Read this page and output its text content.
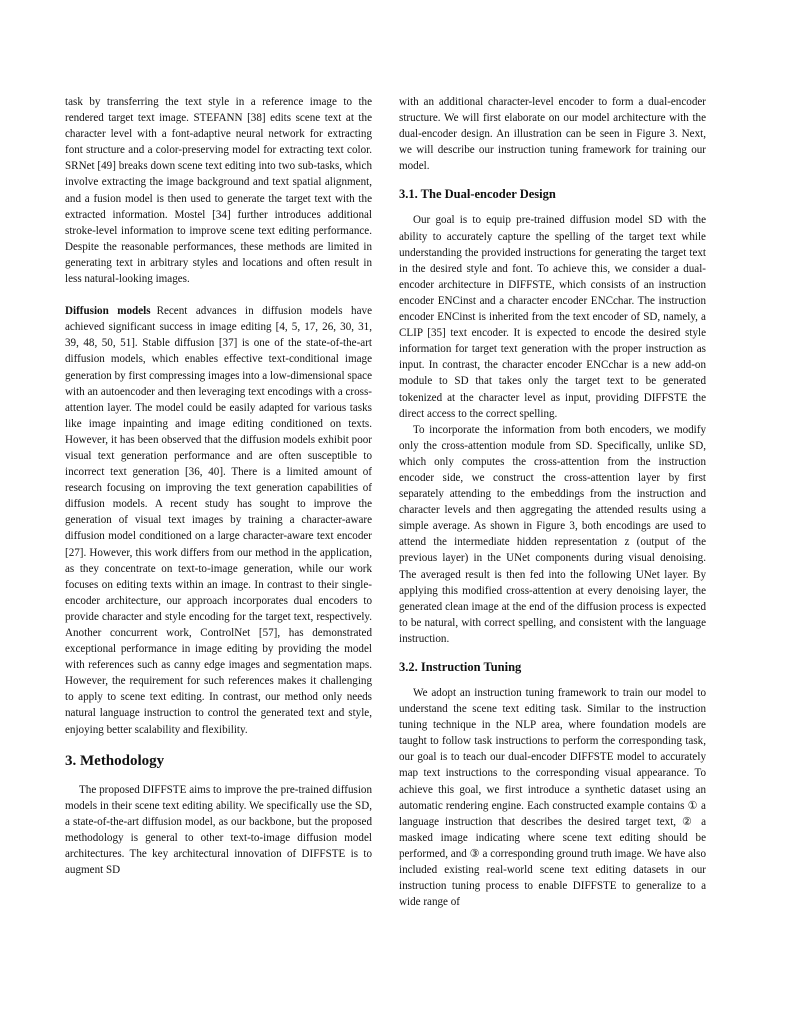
task by transferring the text style in a reference image to the rendered target text image. STEFANN [38] edits scene text at the character level with a font-adaptive neural network for extracting font structure and a color-preserving model for extracting text color. SRNet [49] breaks down scene text editing into two sub-tasks, which involve extracting the image background and text spatial alignment, and a fusion model is then used to generate the target text with the extracted information. Mostel [34] further introduces additional stroke-level information to improve scene text editing performance. Despite the reasonable performances, these methods are limited in generating text in arbitrary styles and locations and often result in less natural-looking images.

Diffusion models Recent advances in diffusion models have achieved significant success in image editing [4, 5, 17, 26, 30, 31, 39, 48, 50, 51]. Stable diffusion [37] is one of the state-of-the-art diffusion models, which enables effective text-conditional image generation by first compressing images into a low-dimensional space with an autoencoder and then leveraging text encodings with a cross-attention layer. The model could be easily adapted for various tasks like image inpainting and image editing conditioned on texts. However, it has been observed that the diffusion models exhibit poor visual text generation performance and are often susceptible to incorrect text generation [36, 40]. There is a limited amount of research focusing on improving the text generation capabilities of diffusion models. A recent study has sought to improve the generation of visual text images by training a character-aware diffusion model conditioned on a large character-aware text encoder [27]. However, this work differs from our method in the application, as they concentrate on text-to-image generation, while our work focuses on editing texts within an image. In contrast to their single-encoder architecture, our approach incorporates dual encoders to provide character and style encoding for the target text, respectively. Another concurrent work, ControlNet [57], has demonstrated exceptional performance in image editing by providing the model with references such as canny edge images and segmentation maps. However, the requirement for such references makes it challenging to apply to scene text editing. In contrast, our method only needs natural language instruction to control the generated text and style, enjoying better scalability and flexibility.

3. Methodology

The proposed DIFFSTE aims to improve the pre-trained diffusion models in their scene text editing ability. We specifically use the SD, a state-of-the-art diffusion model, as our backbone, but the proposed methodology is general to other text-to-image diffusion model architectures. The key architectural innovation of DIFFSTE is to augment SD

with an additional character-level encoder to form a dual-encoder structure. We will first elaborate on our model architecture with the dual-encoder design. An illustration can be seen in Figure 3. Next, we will describe our instruction tuning framework for training our model.

3.1. The Dual-encoder Design

Our goal is to equip pre-trained diffusion model SD with the ability to accurately capture the spelling of the target text while understanding the provided instructions for generating the target text in the desired style and font. To achieve this, we consider a dual-encoder architecture in DIFFSTE, which consists of an instruction encoder ENCinst and a character encoder ENCchar. The instruction encoder ENCinst is inherited from the text encoder of SD, namely, a CLIP [35] text encoder. It is expected to encode the desired style information for target text generation with the proper instruction as input. In contrast, the character encoder ENCchar is a new add-on module to SD that takes only the target text to be generated tokenized at the character level as input, providing DIFFSTE the direct access to the correct spelling.

To incorporate the information from both encoders, we modify only the cross-attention module from SD. Specifically, unlike SD, which only computes the cross-attention from the instruction encoder side, we construct the cross-attention layer by first separately attending to the embeddings from the instruction and character levels and then aggregating the attended results using a simple average. As shown in Figure 3, both encodings are used to attend the intermediate hidden representation z (output of the previous layer) in the UNet components during visual denoising. The averaged result is then fed into the following UNet layer. By applying this modified cross-attention at every denoising layer, the generated clean image at the end of the diffusion process is expected to be natural, with correct spelling, and consistent with the language instruction.

3.2. Instruction Tuning

We adopt an instruction tuning framework to train our model to understand the scene text editing task. Similar to the instruction tuning technique in the NLP area, where foundation models are taught to follow task instructions to perform the corresponding task, our goal is to teach our dual-encoder DIFFSTE model to accurately map text instructions to the corresponding visual appearance. To achieve this goal, we first introduce a synthetic dataset using an automatic rendering engine. Each constructed example contains ① a language instruction that describes the desired target text, ② a masked image indicating where scene text editing should be performed, and ③ a corresponding ground truth image. We have also included existing real-world scene text editing datasets in our instruction tuning process to enable DIFFSTE to generalize to a wide range of
